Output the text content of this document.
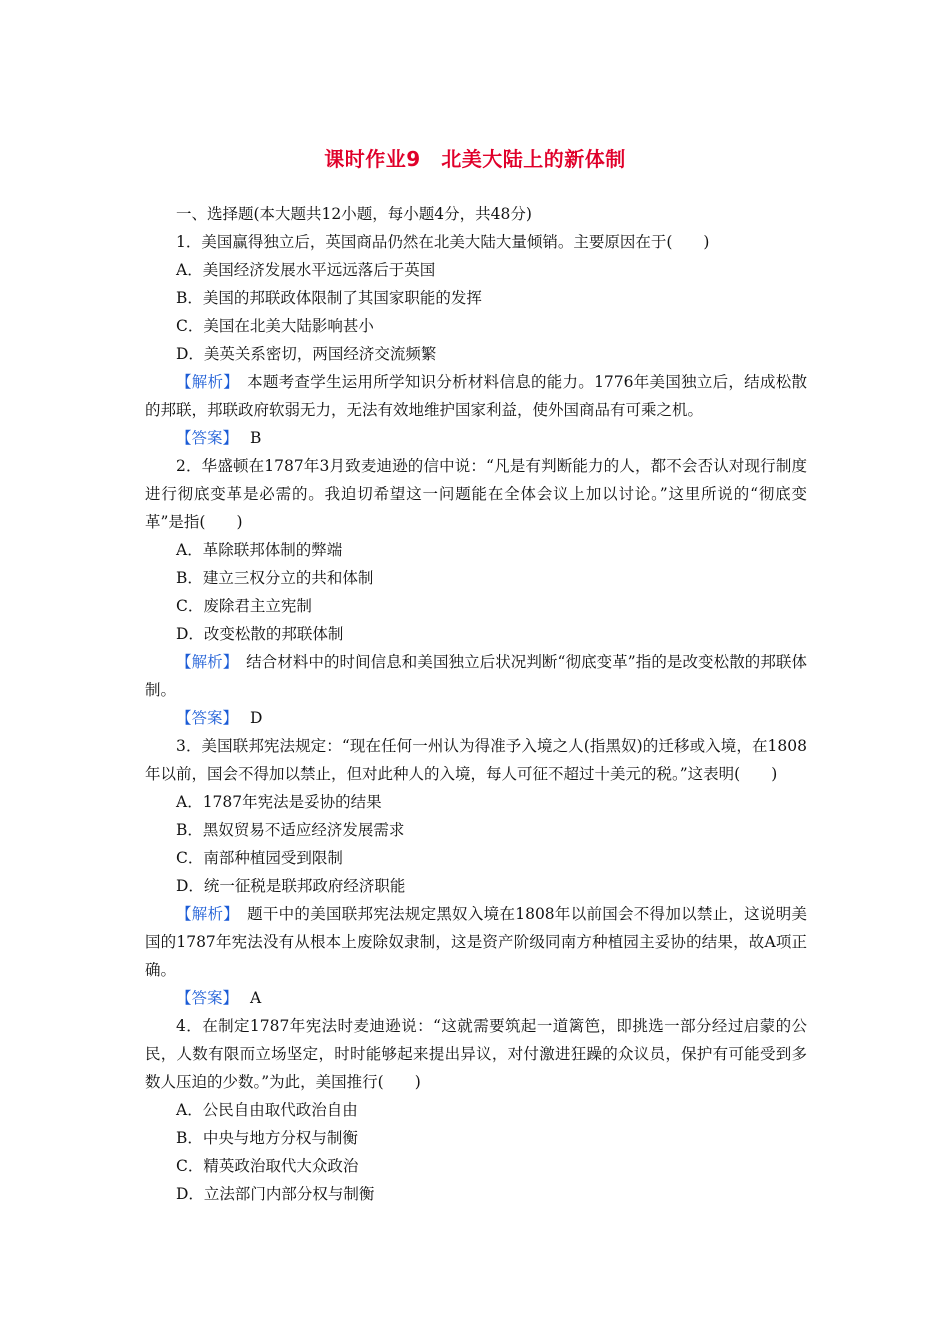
课时作业9　北美大陆上的新体制

一、选择题(本大题共12小题，每小题4分，共48分)

1．美国赢得独立后，英国商品仍然在北美大陆大量倾销。主要原因在于(　　)

A．美国经济发展水平远远落后于英国

B．美国的邦联政体限制了其国家职能的发挥

C．美国在北美大陆影响甚小

D．美英关系密切，两国经济交流频繁

【解析】　 本题考查学生运用所学知识分析材料信息的能力。1776年美国独立后，结成松散的邦联，邦联政府软弱无力，无法有效地维护国家利益，使外国商品有可乘之机。

【答案】 B

2．华盛顿在1787年3月致麦迪逊的信中说：“凡是有判断能力的人，都不会否认对现行制度进行彻底变革是必需的。我迫切希望这一问题能在全体会议上加以讨论。”这里所说的“彻底变革”是指(　　)

A．革除联邦体制的弊端

B．建立三权分立的共和体制

C．废除君主立宪制

D．改变松散的邦联体制

【解析】　 结合材料中的时间信息和美国独立后状况判断“彻底变革”指的是改变松散的邦联体制。

【答案】 D

3．美国联邦宪法规定：“现在任何一州认为得准予入境之人(指黑奴)的迁移或入境，在1808年以前，国会不得加以禁止，但对此种人的入境，每人可征不超过十美元的税。”这表明(　　)

A．1787年宪法是妥协的结果

B．黑奴贸易不适应经济发展需求

C．南部种植园受到限制

D．统一征税是联邦政府经济职能

【解析】　 题干中的美国联邦宪法规定黑奴入境在1808年以前国会不得加以禁止，这说明美国的1787年宪法没有从根本上废除奴隶制，这是资产阶级同南方种植园主妥协的结果，故A项正确。

【答案】 A

4．在制定1787年宪法时麦迪逊说：“这就需要筑起一道篱笆，即挑选一部分经过启蒙的公民，人数有限而立场坚定，时时能够起来提出异议，对付激进狂躁的众议员，保护有可能受到多数人压迫的少数。”为此，美国推行(　　)

A．公民自由取代政治自由

B．中央与地方分权与制衡

C．精英政治取代大众政治

D．立法部门内部分权与制衡
